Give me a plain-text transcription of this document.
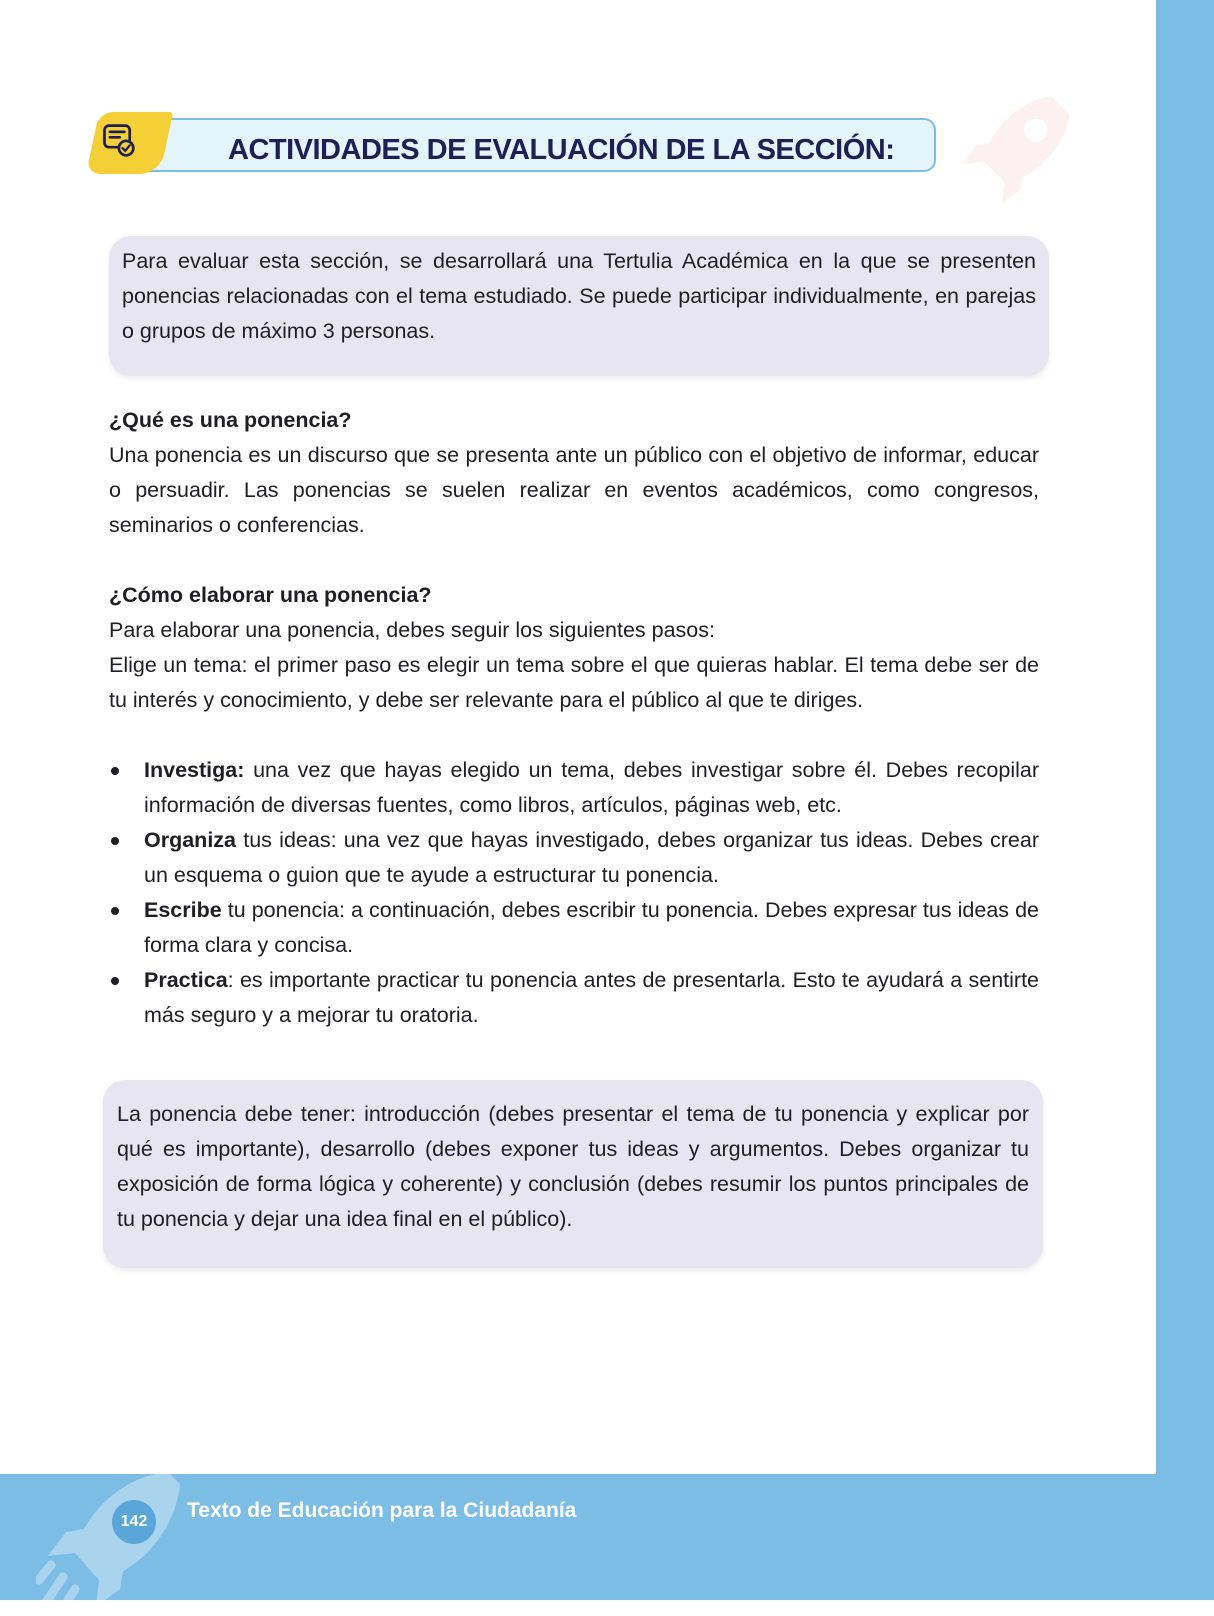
ACTIVIDADES DE EVALUACIÓN DE LA SECCIÓN:
Para evaluar esta sección, se desarrollará una Tertulia Académica en la que se presenten ponencias relacionadas con el tema estudiado. Se puede participar individualmente, en parejas o grupos de máximo 3 personas.

¿Qué es una ponencia?

Una ponencia es un discurso que se presenta ante un público con el objetivo de informar, educar o persuadir. Las ponencias se suelen realizar en eventos académicos, como congresos, seminarios o conferencias.

¿Cómo elaborar una ponencia?

Para elaborar una ponencia, debes seguir los siguientes pasos:

Elige un tema: el primer paso es elegir un tema sobre el que quieras hablar. El tema debe ser de tu interés y conocimiento, y debe ser relevante para el público al que te diriges.

Investiga: una vez que hayas elegido un tema, debes investigar sobre él. Debes recopilar información de diversas fuentes, como libros, artículos, páginas web, etc.
Organiza tus ideas: una vez que hayas investigado, debes organizar tus ideas. Debes crear un esquema o guion que te ayude a estructurar tu ponencia.
Escribe tu ponencia: a continuación, debes escribir tu ponencia. Debes expresar tus ideas de forma clara y concisa.
Practica: es importante practicar tu ponencia antes de presentarla. Esto te ayudará a sentirte más seguro y a mejorar tu oratoria.
La ponencia debe tener: introducción (debes presentar el tema de tu ponencia y explicar por qué es importante), desarrollo (debes exponer tus ideas y argumentos. Debes organizar tu exposición de forma lógica y coherente) y conclusión (debes resumir los puntos principales de tu ponencia y dejar una idea final en el público).
142	Texto de Educación para la Ciudadanía
